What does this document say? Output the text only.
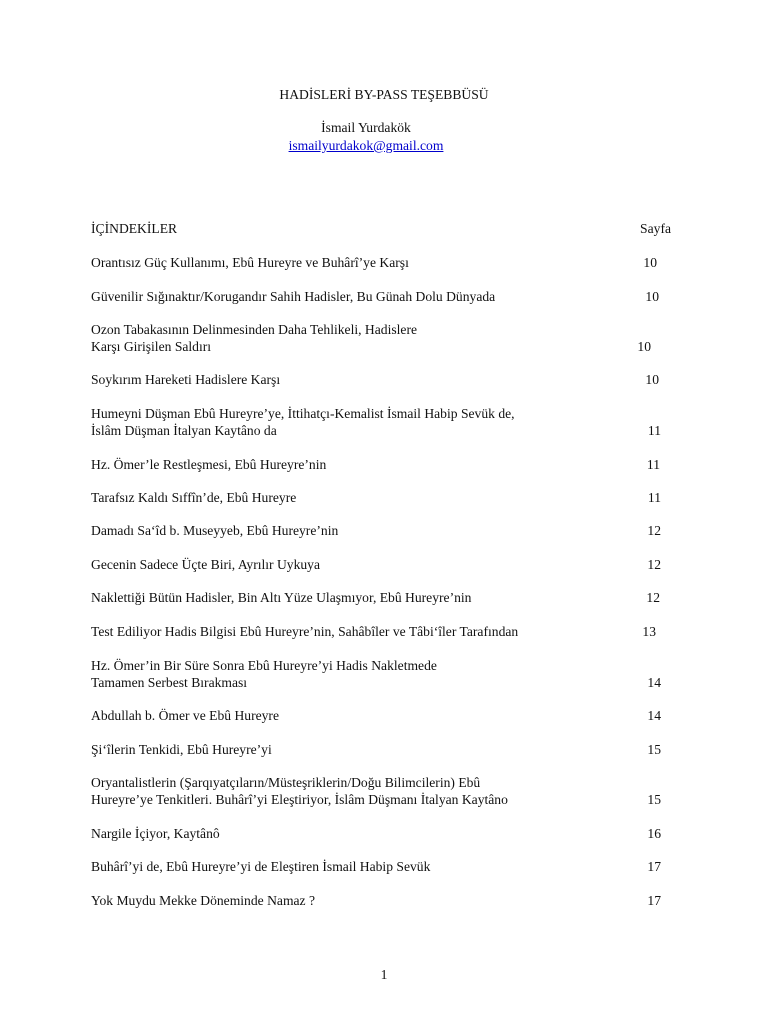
HADİSLERİ BY-PASS TEŞEBBÜSÜ
İsmail Yurdakök
ismailyurdakok@gmail.com
İÇİNDEKİLER	Sayfa
Orantısız Güç Kullanımı, Ebû Hureyre ve Buhârî’ye Karşı	10
Güvenilir Sığınaktır/Korugandır Sahih Hadisler, Bu Günah Dolu Dünyada	10
Ozon Tabakasının Delinmesinden Daha Tehlikeli, Hadislere
Karşı Girişilen Saldırı	10
Soykırım Hareketi Hadislere Karşı	10
Humeyni Düşman Ebû Hureyre’ye, İttihatçı-Kemalist İsmail Habip Sevük de,
İslâm Düşman İtalyan Kaytâno da	11
Hz. Ömer’le Restleşmesi, Ebû Hureyre’nin	11
Tarafsız Kaldı Sıffîn’de, Ebû Hureyre	11
Damadı Sa‘îd b. Museyyeb, Ebû Hureyre’nin	12
Gecenin Sadece Üçte Biri, Ayrılır Uykuya	12
Naklettiği Bütün Hadisler, Bin Altı Yüze Ulaşmıyor, Ebû Hureyre’nin	12
Test Ediliyor Hadis Bilgisi Ebû Hureyre’nin, Sahâbîler ve Tâbi‘îler Tarafından	13
Hz. Ömer’in Bir Süre Sonra Ebû Hureyre’yi Hadis Nakletmede
Tamamen Serbest Bırakması	14
Abdullah b. Ömer ve Ebû Hureyre	14
Şi‘îlerin Tenkidi, Ebû Hureyre’yi	15
Oryantalistlerin (Şarqıyatçıların/Müsteşriklerin/Doğu Bilimcilerin) Ebû
Hureyre’ye Tenkitleri. Buhârî’yi Eleştiriyor, İslâm Düşmanı İtalyan Kaytâno	15
Nargile İçiyor, Kaytânô	16
Buhârî’yi de, Ebû Hureyre’yi de Eleştiren İsmail Habip Sevük	17
Yok Muydu Mekke Döneminde Namaz ?	17
1
